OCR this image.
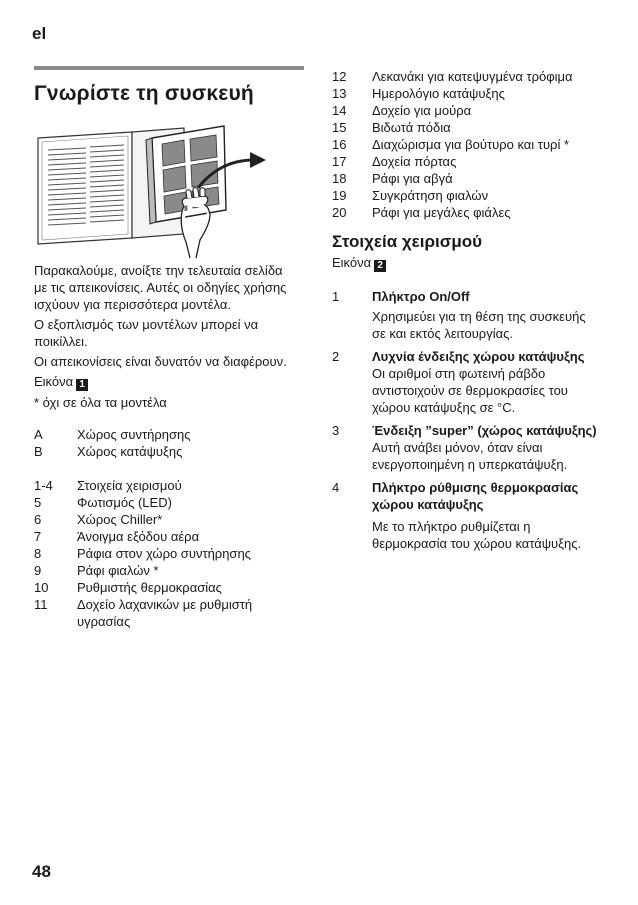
el
Γνωρίστε τη συσκευή

Παρακαλούμε, ανοίξτε την τελευταία σελίδα με τις απεικονίσεις. Αυτές οι οδηγίες χρήσης ισχύουν για περισσότερα μοντέλα.

Ο εξοπλισμός των μοντέλων μπορεί να ποικίλλει.

Οι απεικονίσεις είναι δυνατόν να διαφέρουν.

Εικόνα 1

* όχι σε όλα τα μοντέλα

A	Χώρος συντήρησης
B	Χώρος κατάψυξης
1-4	Στοιχεία χειρισμού
5	Φωτισμός (LED)
6	Χώρος Chiller*
7	Άνοιγμα εξόδου αέρα
8	Ράφια στον χώρο συντήρησης
9	Ράφι φιαλών *
10	Ρυθμιστής θερμοκρασίας
11	Δοχείο λαχανικών με ρυθμιστή υγρασίας
12	Λεκανάκι για κατεψυγμένα τρόφιμα
13	Ημερολόγιο κατάψυξης
14	Δοχείο για μούρα
15	Βιδωτά πόδια
16	Διαχώρισμα για βούτυρο και τυρί *
17	Δοχεία πόρτας
18	Ράφι για αβγά
19	Συγκράτηση φιαλών
20	Ράφι για μεγάλες φιάλες
Στοιχεία χειρισμού
Εικόνα 2
1	Πλήκτρο On/Off
Χρησιμεύει για τη θέση της συσκευής σε και εκτός λειτουργίας.
2	Λυχνία ένδειξης χώρου κατάψυξης
Οι αριθμοί στη φωτεινή ράβδο αντιστοιχούν σε θερμοκρασίες του χώρου κατάψυξης σε °C.
3	Ένδειξη ”super” (χώρος κατάψυξης)
Αυτή ανάβει μόνον, όταν είναι ενεργοποιημένη η υπερκατάψυξη.
4	Πλήκτρο ρύθμισης θερμοκρασίας χώρου κατάψυξης
Με το πλήκτρο ρυθμίζεται η θερμοκρασία του χώρου κατάψυξης.
48
